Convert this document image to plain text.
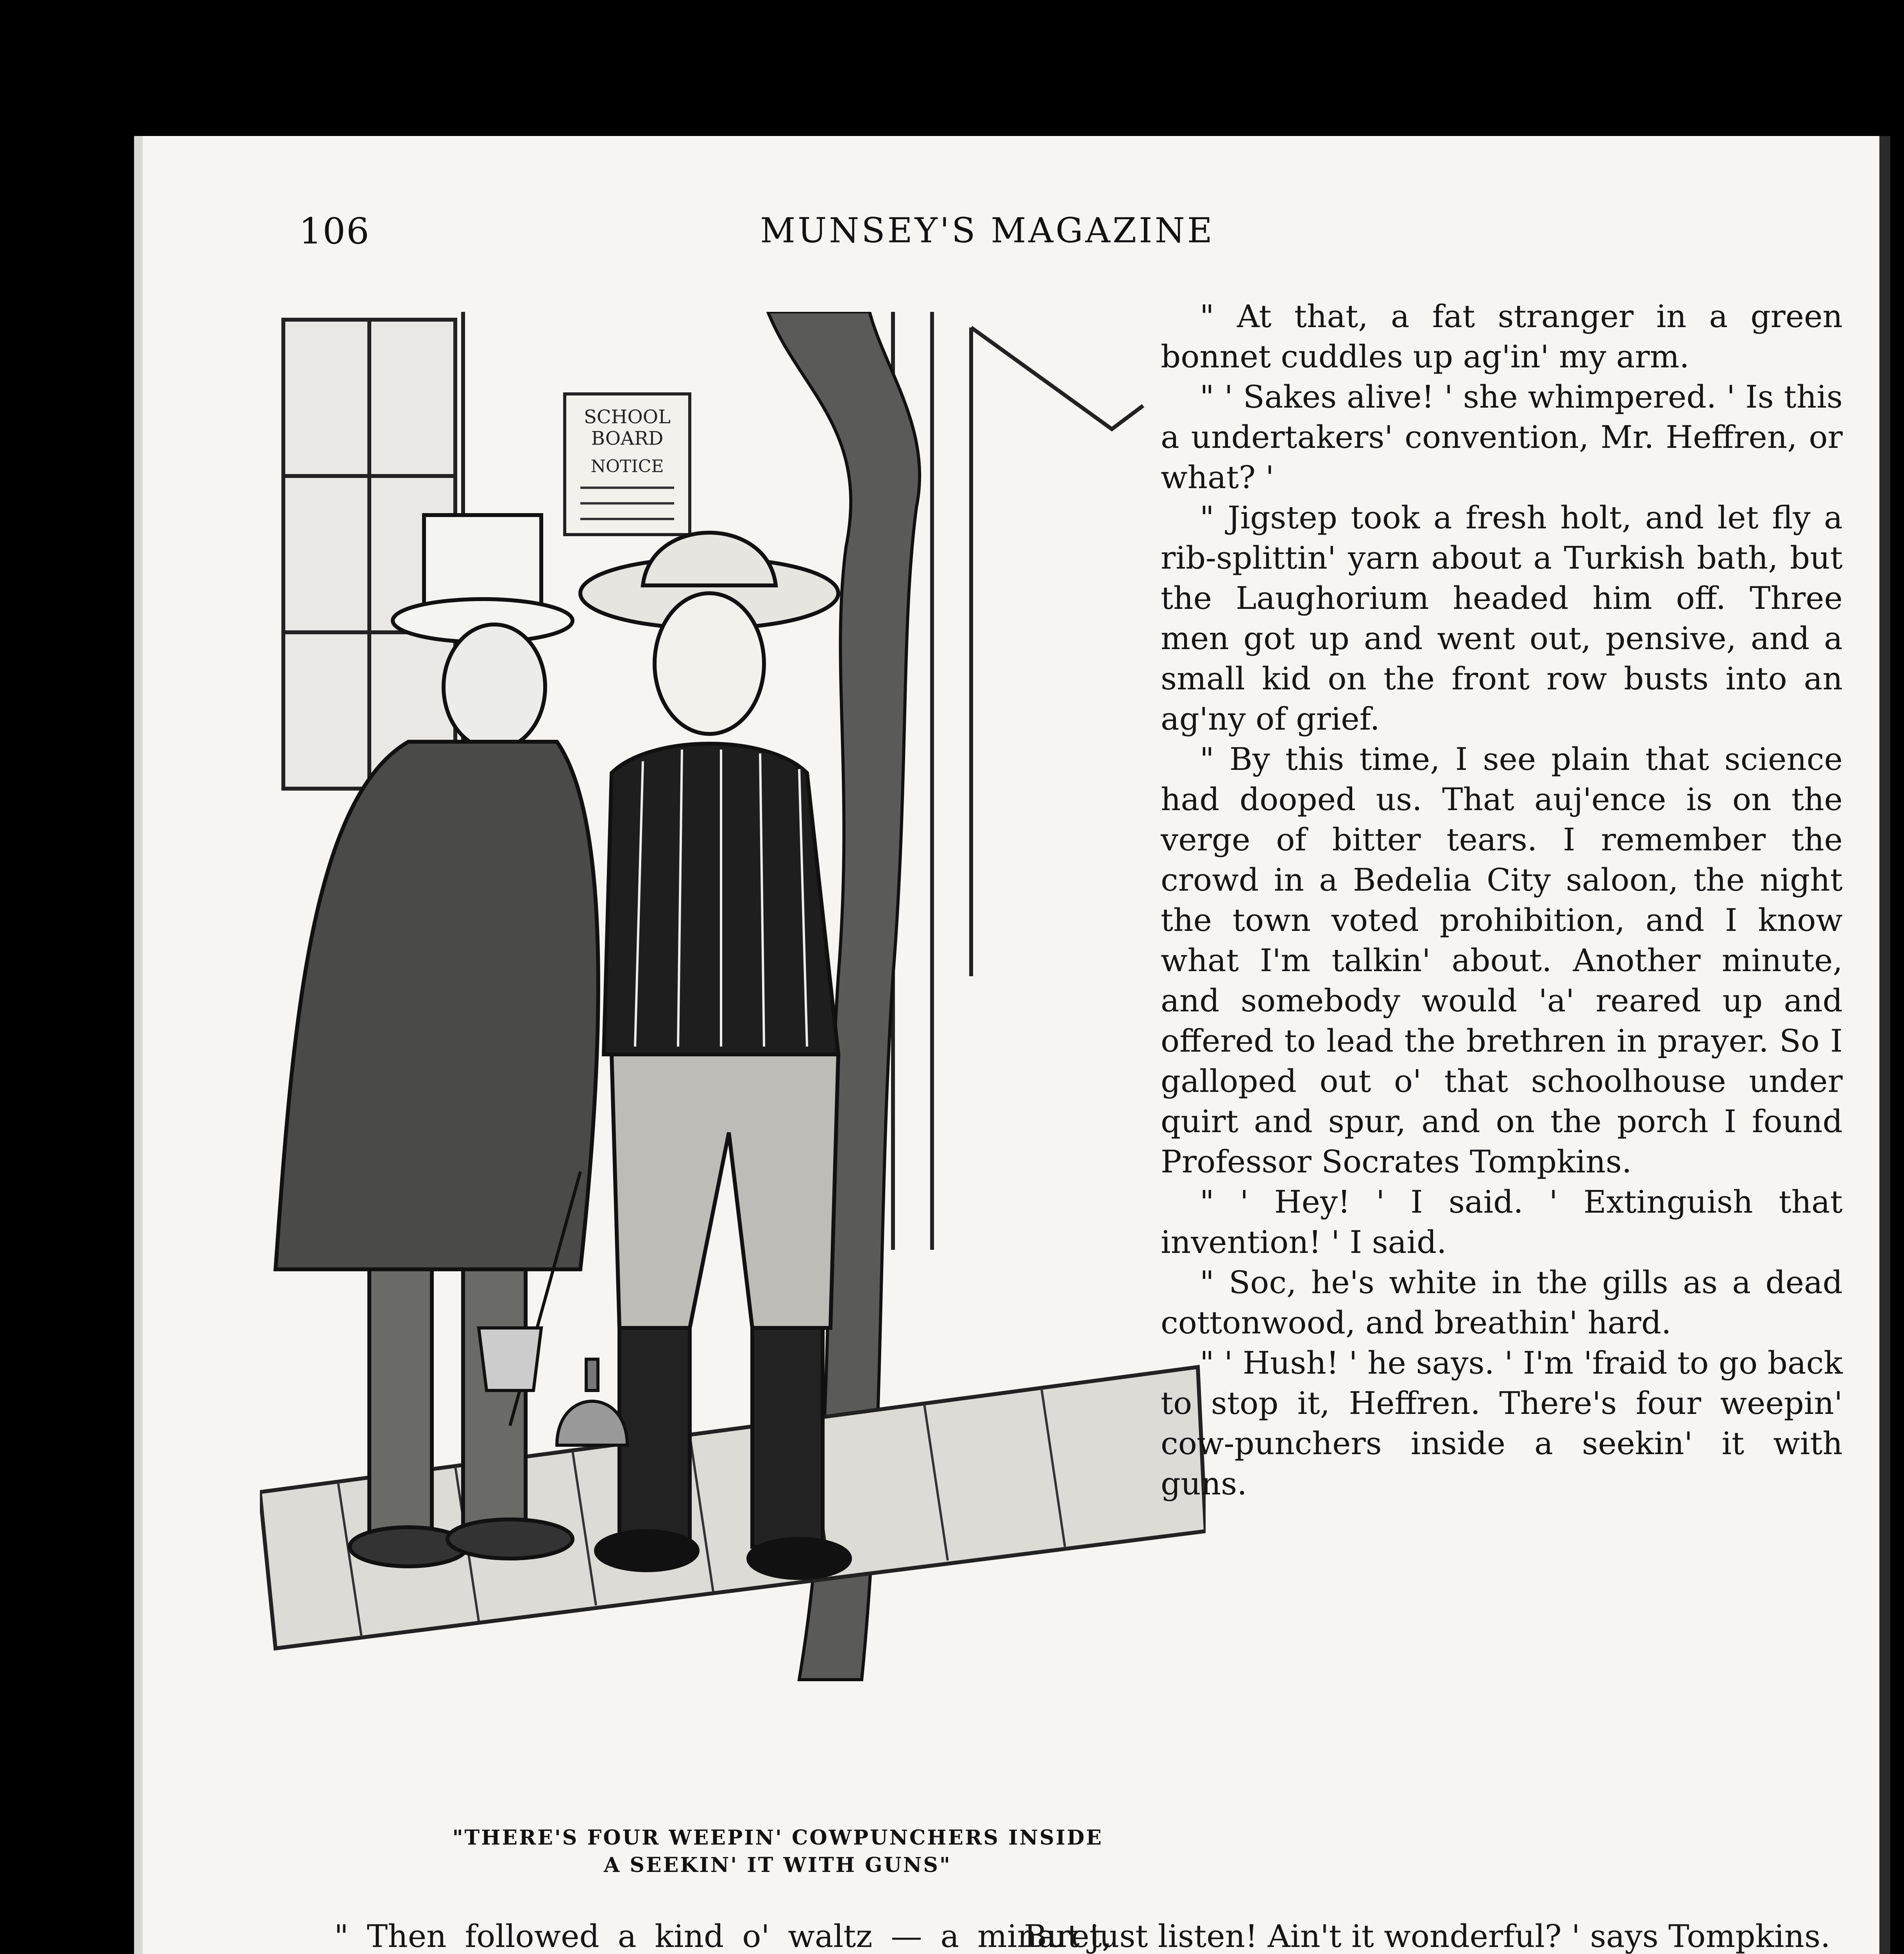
106	MUNSEY'S MAGAZINE
SCHOOL
BOARD
NOTICE
"THERE'S FOUR WEEPIN' COWPUNCHERS INSIDE
A SEEKIN' IT WITH GUNS"

" At that, a fat stranger in a green bonnet cuddles up ag'in' my arm.

" ' Sakes alive! ' she whimpered. ' Is this a undertakers' convention, Mr. Heffren, or what? '

" Jigstep took a fresh holt, and let fly a rib-splittin' yarn about a Turkish bath, but the Laughorium headed him off. Three men got up and went out, pensive, and a small kid on the front row busts into an ag'ny of grief.

" By this time, I see plain that science had dooped us. That auj'ence is on the verge of bitter tears. I remember the crowd in a Bedelia City saloon, the night the town voted prohibition, and I know what I'm talkin' about. Another minute, and somebody would 'a' reared up and offered to lead the brethren in prayer. So I galloped out o' that schoolhouse under quirt and spur, and on the porch I found Professor Socrates Tompkins.

" ' Hey! ' I said. ' Extinguish that invention! ' I said.

" Soc, he's white in the gills as a dead cottonwood, and breathin' hard.

" ' Hush! ' he says. ' I'm 'fraid to go back to stop it, Heffren. There's four weepin' cow-punchers inside a seekin' it with guns.

" Then followed a kind o' waltz — a minaret,

But just listen! Ain't it wonderful? ' says Tompkins.
